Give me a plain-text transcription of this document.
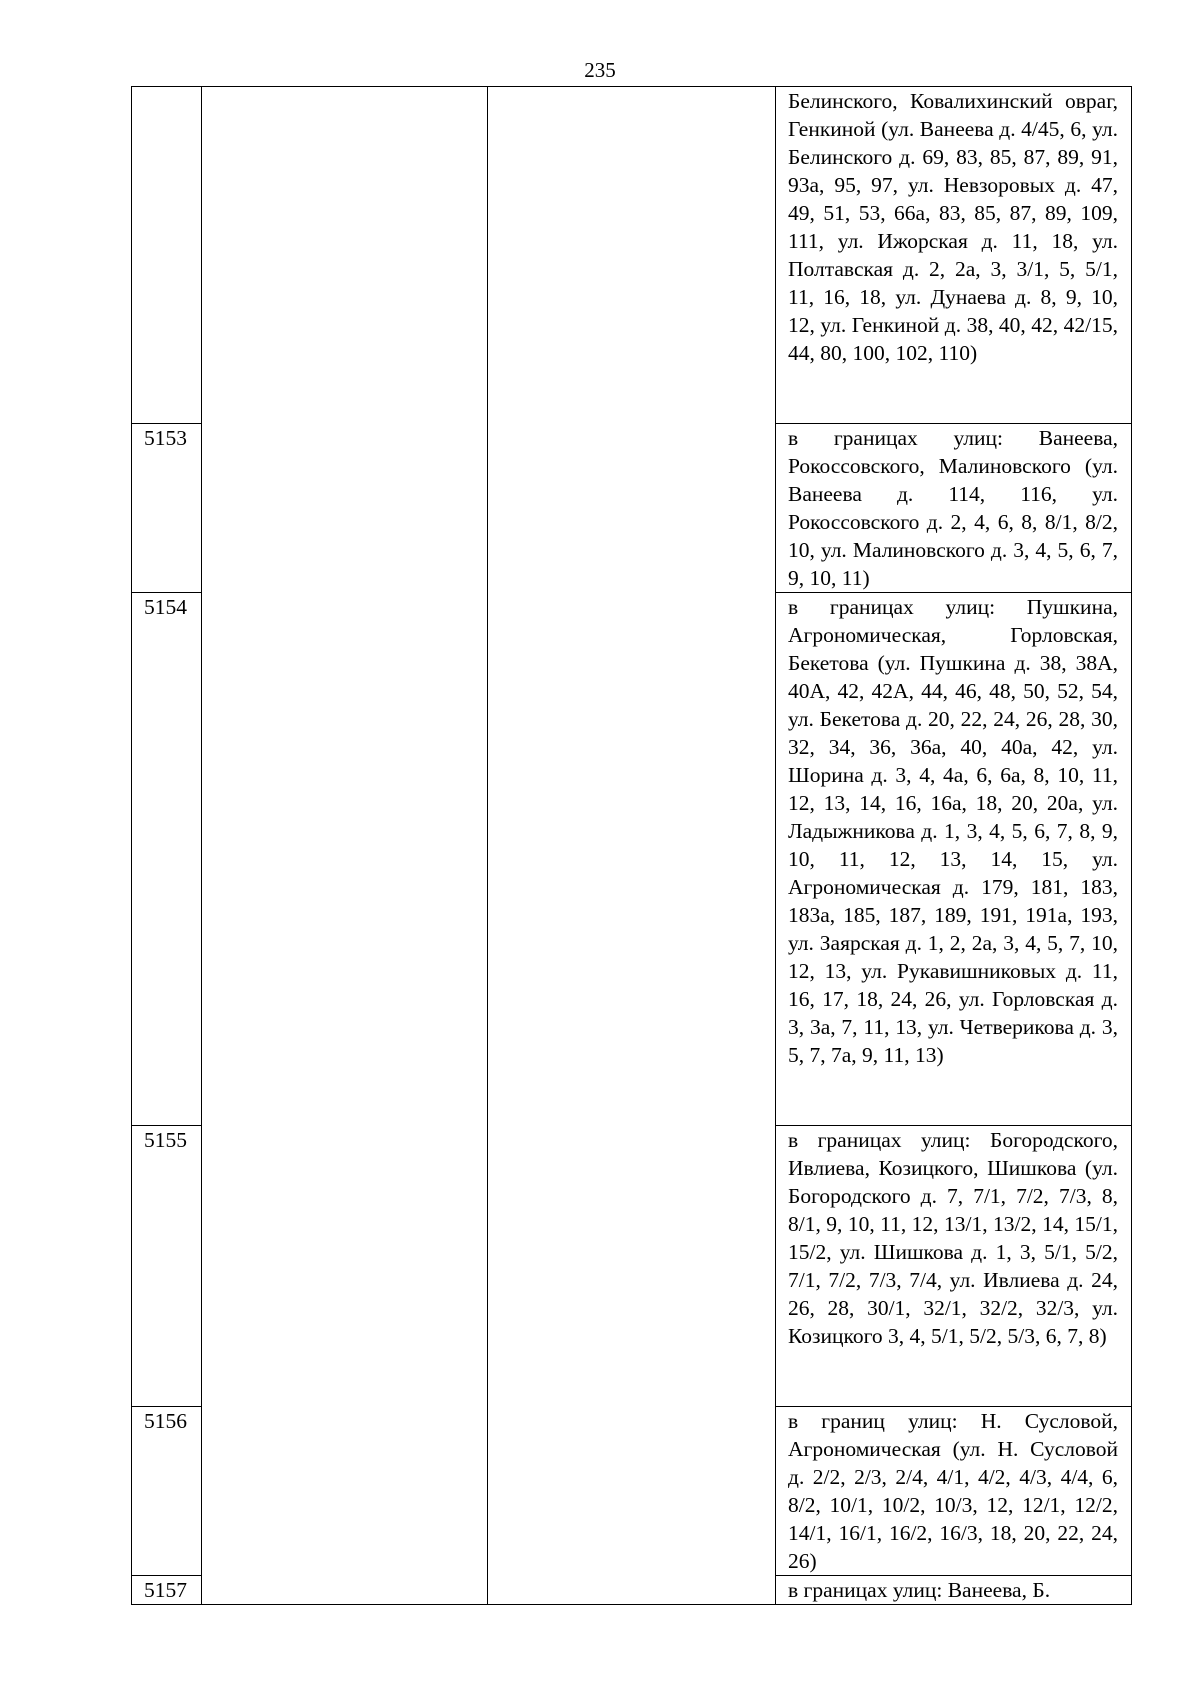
235
			Белинского, Ковалихинский овраг, Генкиной (ул. Ванеева д. 4/45, 6, ул. Белинского д. 69, 83, 85, 87, 89, 91, 93а, 95, 97, ул. Невзоровых д. 47, 49, 51, 53, 66а, 83, 85, 87, 89, 109, 111, ул. Ижорская д. 11, 18, ул. Полтавская д. 2, 2а, 3, 3/1, 5, 5/1, 11, 16, 18, ул. Дунаева д. 8, 9, 10, 12, ул. Генкиной д. 38, 40, 42, 42/15, 44, 80, 100, 102, 110)
5153			в границах улиц: Ванеева, Рокоссовского, Малиновского (ул. Ванеева д. 114, 116, ул. Рокоссовского д. 2, 4, 6, 8, 8/1, 8/2, 10, ул. Малиновского д. 3, 4, 5, 6, 7, 9, 10, 11)
5154			в границах улиц: Пушкина, Агрономическая, Горловская, Бекетова (ул. Пушкина д. 38, 38А, 40А, 42, 42А, 44, 46, 48, 50, 52, 54, ул. Бекетова д. 20, 22, 24, 26, 28, 30, 32, 34, 36, 36а, 40, 40а, 42, ул. Шорина д. 3, 4, 4а, 6, 6а, 8, 10, 11, 12, 13, 14, 16, 16а, 18, 20, 20а, ул. Ладыжникова д. 1, 3, 4, 5, 6, 7, 8, 9, 10, 11, 12, 13, 14, 15, ул. Агрономическая д. 179, 181, 183, 183а, 185, 187, 189, 191, 191а, 193, ул. Заярская д. 1, 2, 2а, 3, 4, 5, 7, 10, 12, 13, ул. Рукавишниковых д. 11, 16, 17, 18, 24, 26, ул. Горловская д. 3, 3а, 7, 11, 13, ул. Четверикова д. 3, 5, 7, 7а, 9, 11, 13)
5155			в границах улиц: Богородского, Ивлиева, Козицкого, Шишкова (ул. Богородского д. 7, 7/1, 7/2, 7/3, 8, 8/1, 9, 10, 11, 12, 13/1, 13/2, 14, 15/1, 15/2, ул. Шишкова д. 1, 3, 5/1, 5/2, 7/1, 7/2, 7/3, 7/4, ул. Ивлиева д. 24, 26, 28, 30/1, 32/1, 32/2, 32/3, ул. Козицкого 3, 4, 5/1, 5/2, 5/3, 6, 7, 8)
5156			в границ улиц: Н. Сусловой, Агрономическая (ул. Н. Сусловой д. 2/2, 2/3, 2/4, 4/1, 4/2, 4/3, 4/4, 6, 8/2, 10/1, 10/2, 10/3, 12, 12/1, 12/2, 14/1, 16/1, 16/2, 16/3, 18, 20, 22, 24, 26)
5157			в границах улиц: Ванеева, Б.
